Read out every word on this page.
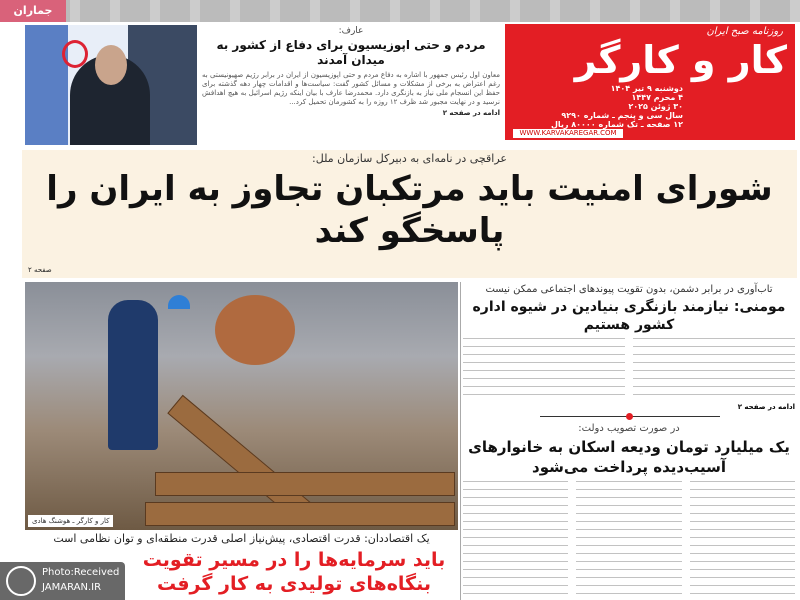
جماران
عارف:
مردم و حتی اپوزیسیون برای دفاع از کشور به میدان آمدند
معاون اول رئیس جمهور با اشاره به دفاع مردم و حتی اپوزیسیون از ایران در برابر رژیم صهیونیستی به رغم اعتراض به برخی از مشکلات و مسائل کشور گفت: سیاست‌ها و اقدامات چهار دهه گذشته برای حفظ این انسجام ملی نیاز به بازنگری دارد. محمدرضا عارف با بیان اینکه رژیم اسرائیل به هیچ اهدافش نرسید و در نهایت مجبور شد ظرف ۱۲ روزه را به کشورمان تحمیل کرد...
ادامه در صفحه ۲
روزنامه صبح ایران
کار و کارگر
دوشنبه ۹ تیر ۱۴۰۴
۴ محرم ۱۴۴۷
۳۰ ژوئن ۲۰۲۵
سال سی و پنجم ـ شماره ۹۲۹۰
۱۲ صفحه ـ تک شماره ۸۰۰۰۰ ریال
WWW.KARVAKAREGAR.COM
عراقچی در نامه‌ای به دبیرکل سازمان ملل:
شورای امنیت باید مرتکبان تجاوز به ایران را پاسخگو کند
صفحه ۲
کار و کارگر ـ هوشنگ هادی
یک اقتصاددان: قدرت اقتصادی، پیش‌نیاز اصلی قدرت منطقه‌ای و توان نظامی است
باید سرمایه‌ها را در مسیر تقویت بنگاه‌های تولیدی به کار گرفت
تاب‌آوری در برابر دشمن، بدون تقویت پیوندهای اجتماعی ممکن نیست
مومنی: نیازمند بازنگری بنیادین در شیوه اداره کشور هستیم
ادامه در صفحه ۲
در صورت تصویب دولت:
یک میلیارد تومان ودیعه اسکان به خانوارهای آسیب‌دیده پرداخت می‌شود
Photo:Received
JAMARAN.IR
